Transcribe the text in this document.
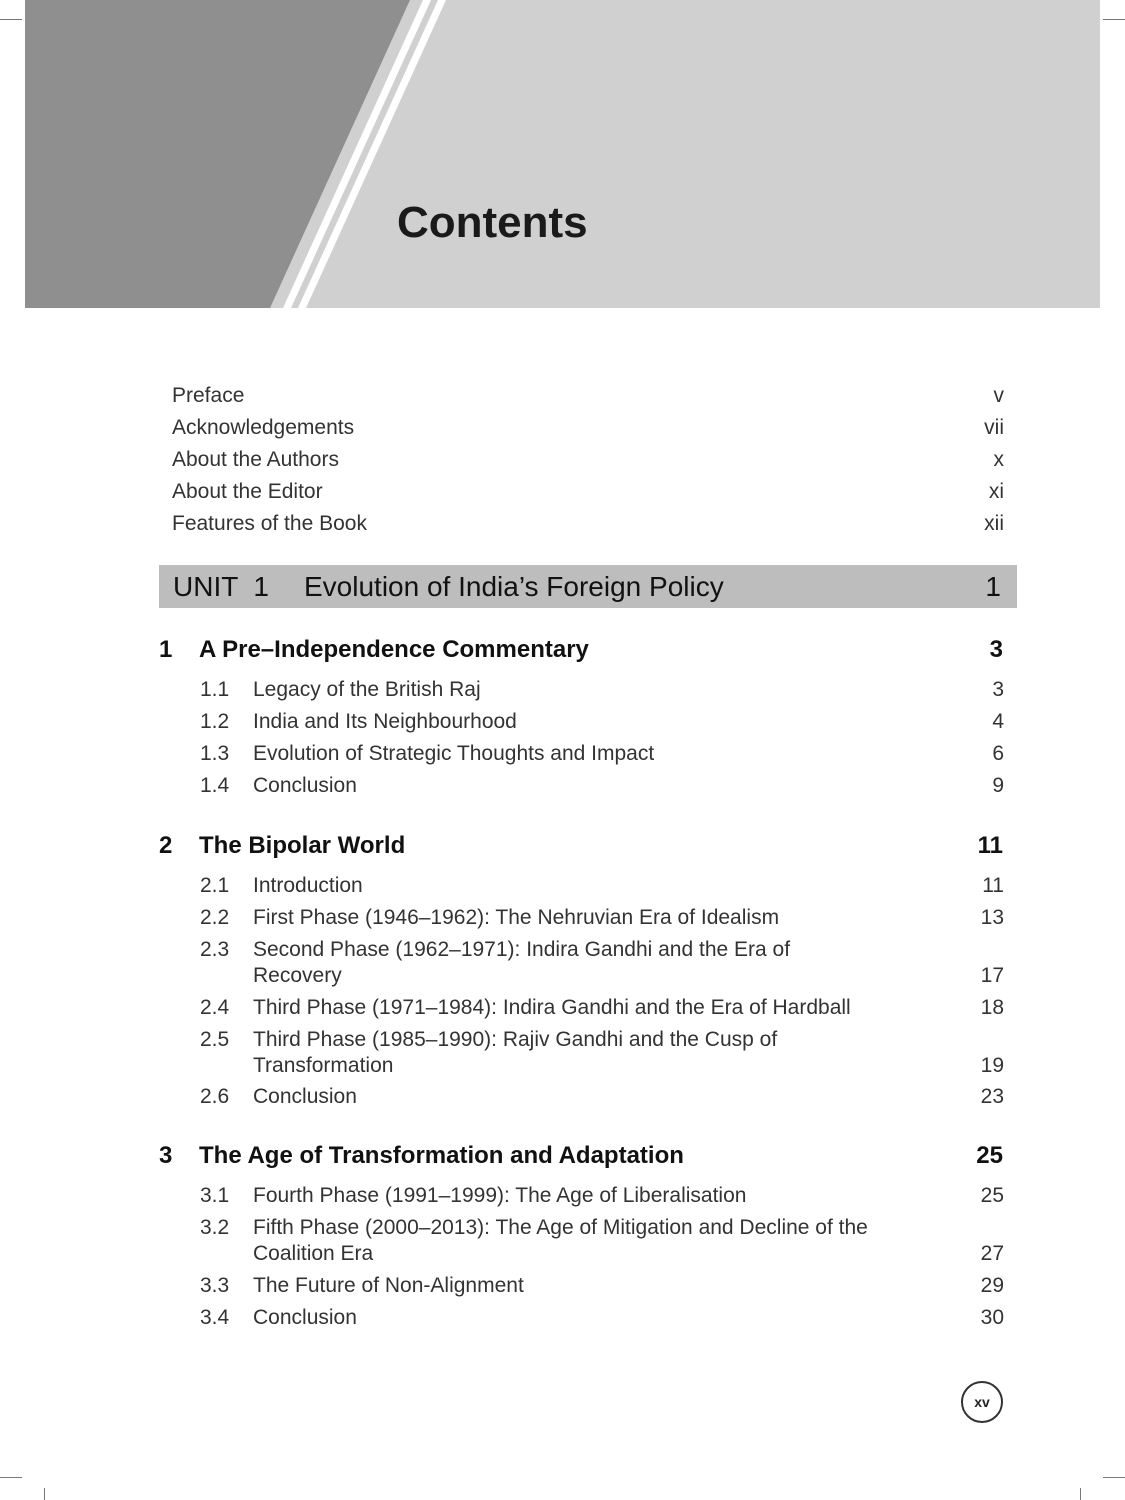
Contents
Preface	v
Acknowledgements	vii
About the Authors	x
About the Editor	xi
Features of the Book	xii
UNIT  1 Evolution of India’s Foreign Policy	1
1 A Pre–Independence Commentary	3
1.1 Legacy of the British Raj	3
1.2 India and Its Neighbourhood	4
1.3 Evolution of Strategic Thoughts and Impact	6
1.4 Conclusion	9
2 The Bipolar World	11
2.1 Introduction	11
2.2 First Phase (1946–1962): The Nehruvian Era of Idealism	13
2.3 Second Phase (1962–1971): Indira Gandhi and the Era of Recovery	17
2.4 Third Phase (1971–1984): Indira Gandhi and the Era of Hardball	18
2.5 Third Phase (1985–1990): Rajiv Gandhi and the Cusp of Transformation	19
2.6 Conclusion	23
3 The Age of Transformation and Adaptation	25
3.1 Fourth Phase (1991–1999): The Age of Liberalisation	25
3.2 Fifth Phase (2000–2013): The Age of Mitigation and Decline of the Coalition Era	27
3.3 The Future of Non-Alignment	29
3.4 Conclusion	30
xv
